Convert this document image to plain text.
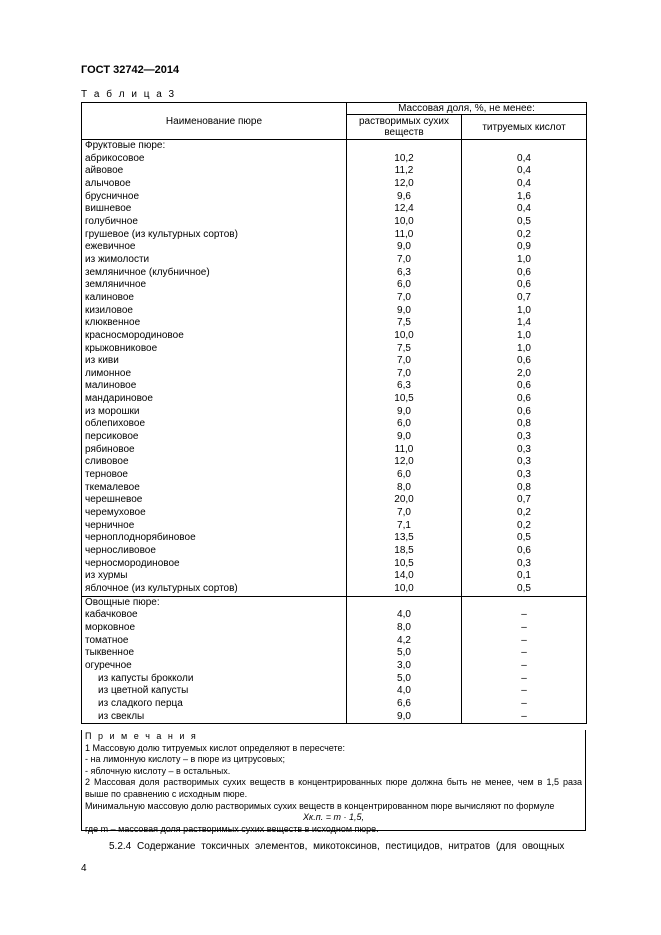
ГОСТ 32742—2014
Т а б л и ц а 3
Наименование пюре	Массовая доля, %, не менее:	
	растворимых сухих веществ	титруемых кислот
Фруктовые пюре:		
абрикосовое	10,2	0,4
айвовое	11,2	0,4
алычовое	12,0	0,4
брусничное	9,6	1,6
вишневое	12,4	0,4
голубичное	10,0	0,5
грушевое (из культурных сортов)	11,0	0,2
ежевичное	9,0	0,9
из жимолости	7,0	1,0
земляничное (клубничное)	6,3	0,6
земляничное	6,0	0,6
калиновое	7,0	0,7
кизиловое	9,0	1,0
клюквенное	7,5	1,4
красносмородиновое	10,0	1,0
крыжовниковое	7,5	1,0
из киви	7,0	0,6
лимонное	7,0	2,0
малиновое	6,3	0,6
мандариновое	10,5	0,6
из морошки	9,0	0,6
облепиховое	6,0	0,8
персиковое	9,0	0,3
рябиновое	11,0	0,3
сливовое	12,0	0,3
терновое	6,0	0,3
ткемалевое	8,0	0,8
черешневое	20,0	0,7
черемуховое	7,0	0,2
черничное	7,1	0,2
черноплоднорябиновое	13,5	0,5
черносливовое	18,5	0,6
черносмородиновое	10,5	0,3
из хурмы	14,0	0,1
яблочное (из культурных сортов)	10,0	0,5
Овощные пюре:		
кабачковое	4,0	–
морковное	8,0	–
томатное	4,2	–
тыквенное	5,0	–
огуречное	3,0	–
из капусты брокколи	5,0	–
из цветной капусты	4,0	–
из сладкого перца	6,6	–
из свеклы	9,0	–
П р и м е ч а н и я
1 Массовую долю титруемых кислот определяют в пересчете:
- на лимонную кислоту – в пюре из цитрусовых;
- яблочную кислоту – в остальных.
2 Массовая доля растворимых сухих веществ в концентрированных пюре должна быть не менее, чем в 1,5 раза выше по сравнению с исходным пюре.
Минимальную массовую долю растворимых сухих веществ в концентрированном пюре вычисляют по формуле
Xк.п. = m · 1,5,
где m – массовая доля растворимых сухих веществ в исходном пюре.
5.2.4 Содержание токсичных элементов, микотоксинов, пестицидов, нитратов (для овощных
4
